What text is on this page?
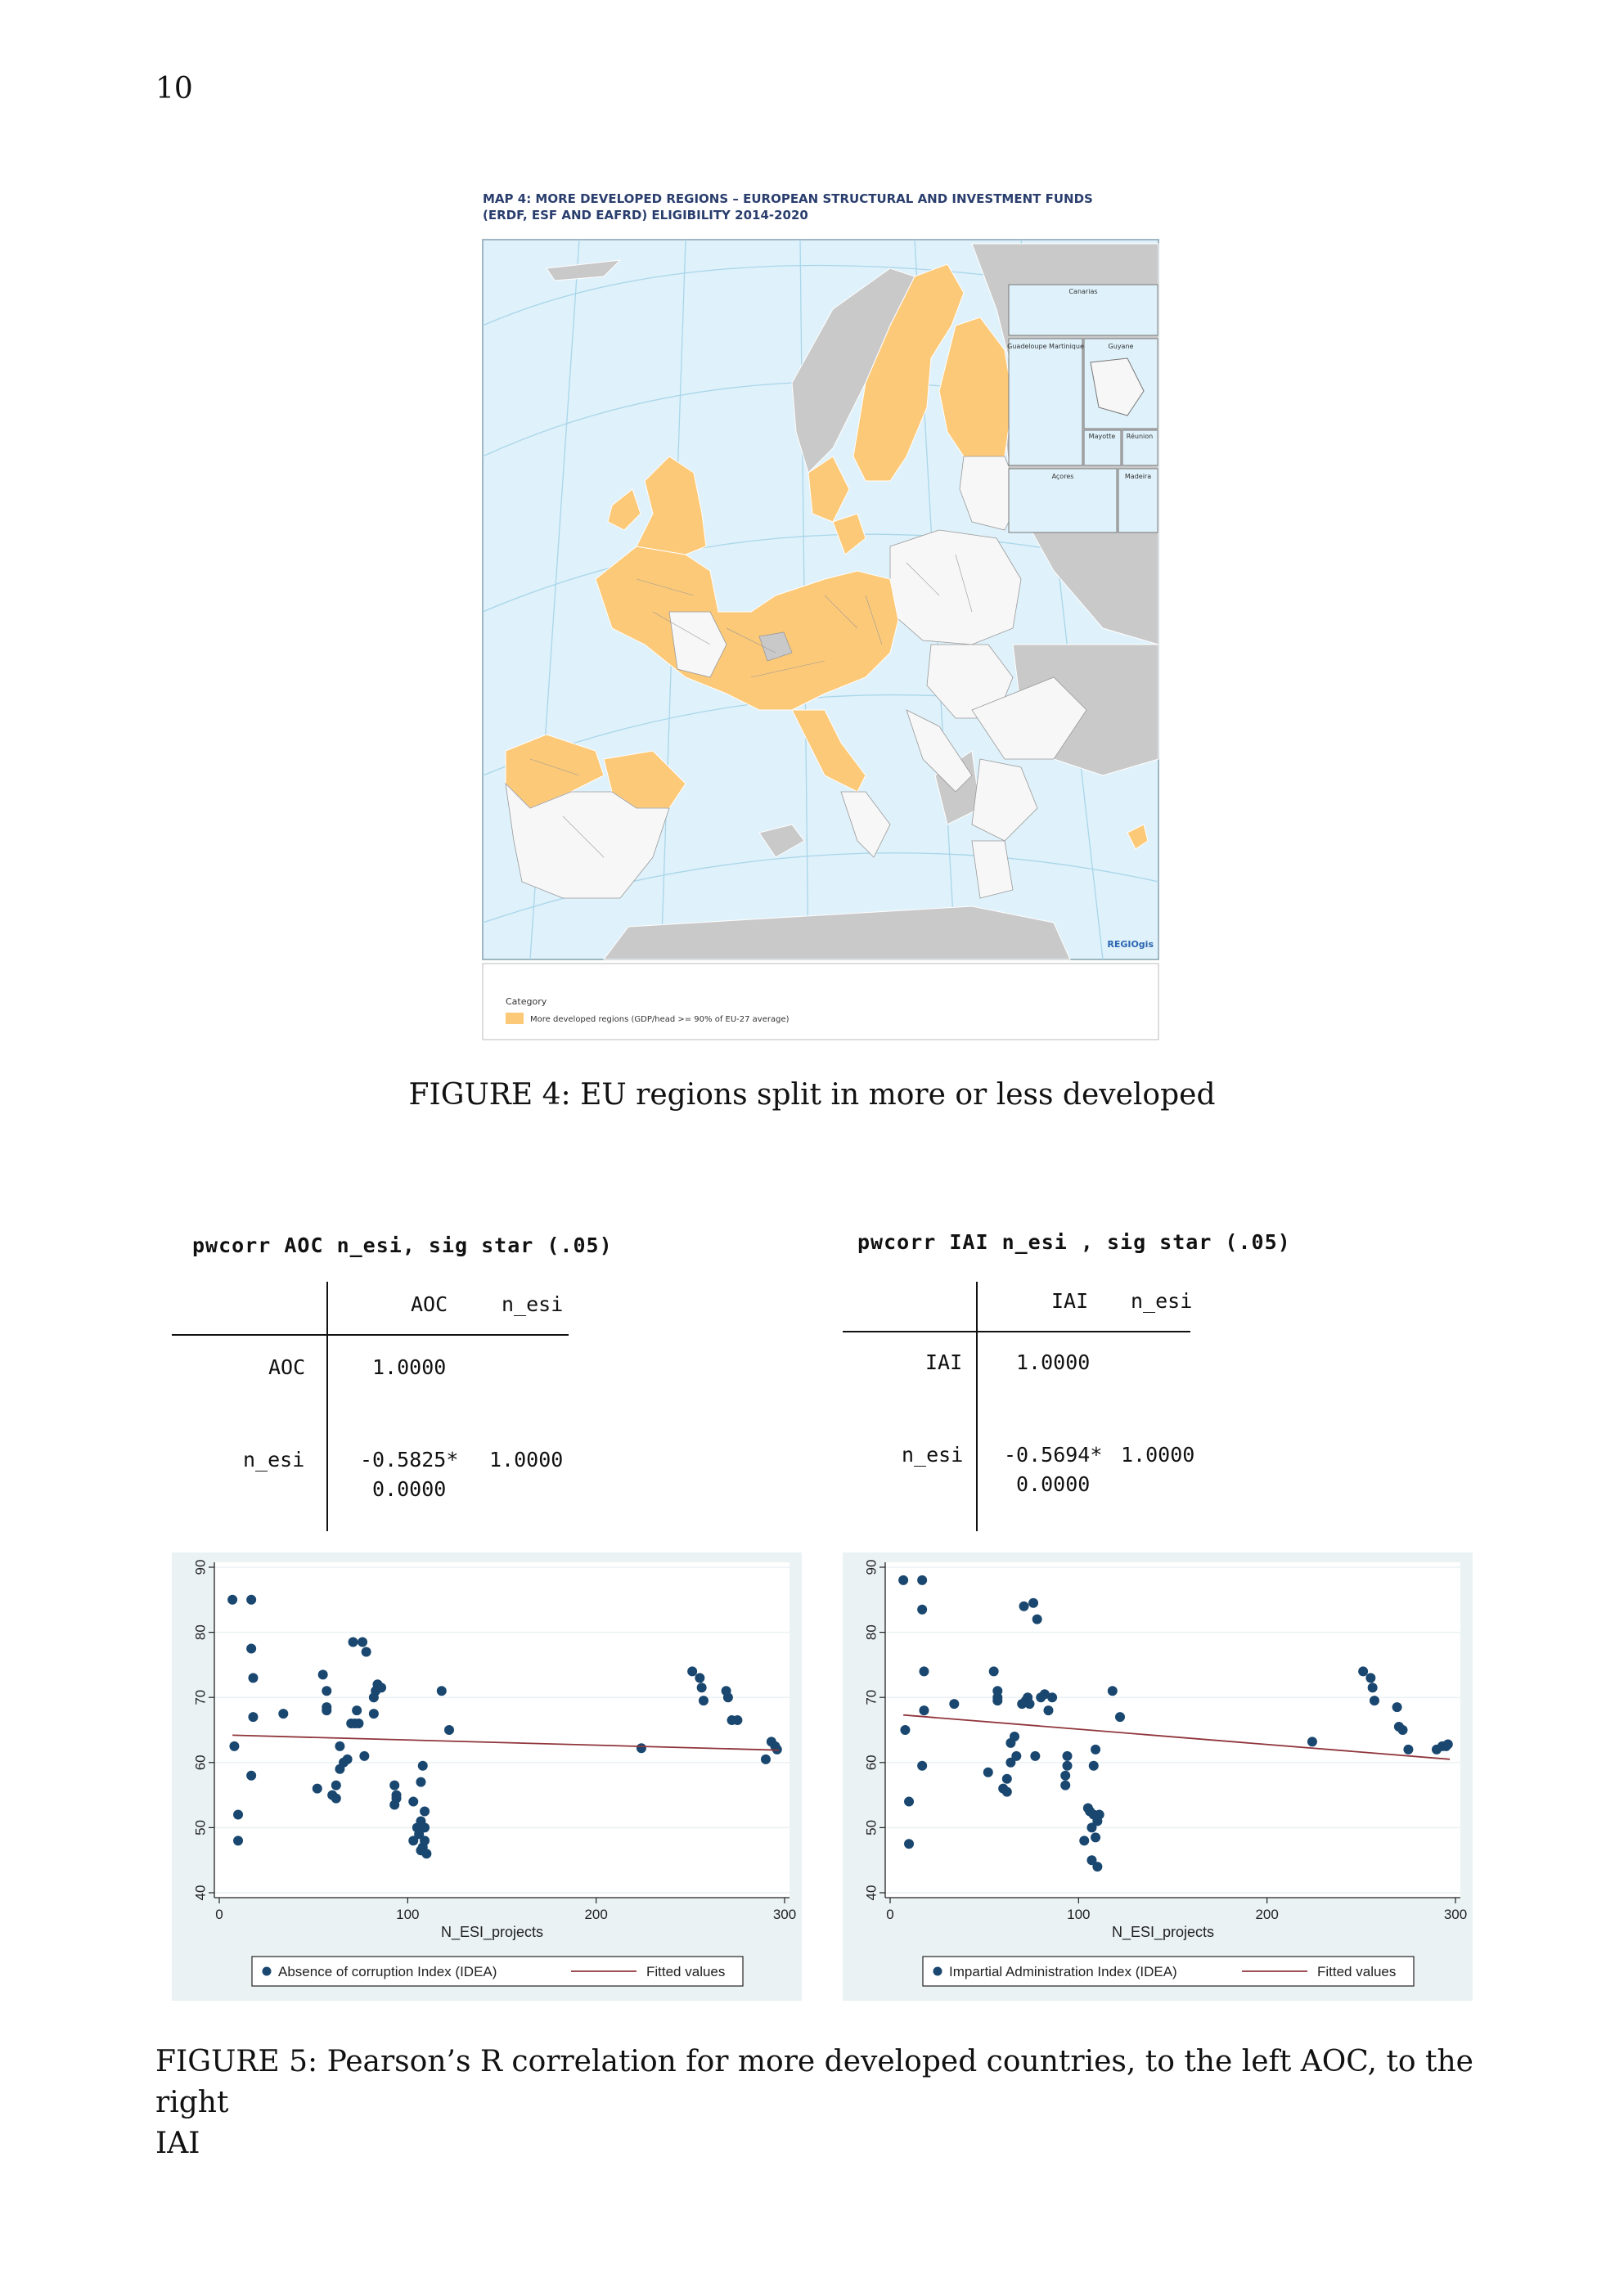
10
MAP 4: MORE DEVELOPED REGIONS – EUROPEAN STRUCTURAL AND INVESTMENT FUNDS
(ERDF, ESF AND EAFRD) ELIGIBILITY 2014-2020
REGIOgis
Canarias
Guadeloupe Martinique	Guyane
Mayotte Réunion
Açores	Madeira
Category
More developed regions (GDP/head >= 90% of EU-27 average)
FIGURE 4: EU regions split in more or less developed
pwcorr AOC n_esi, sig star (.05)
AOC	n_esi
AOC	1.0000
n_esi	-0.5825* 1.0000
0.0000
pwcorr IAI n_esi , sig star (.05)
IAI n_esi
IAI	1.0000
n_esi -0.5694* 1.0000
0.0000
40
50
60
70
80
90
0	100	200	300
N_ESI_projects
Absence of corruption Index (IDEA)	Fitted values
40
50
60
70
80
90
0	100	200	300
N_ESI_projects
Impartial Administration Index (IDEA)	Fitted values
FIGURE 5: Pearson’s R correlation for more developed countries, to the left AOC, to the right
IAI
